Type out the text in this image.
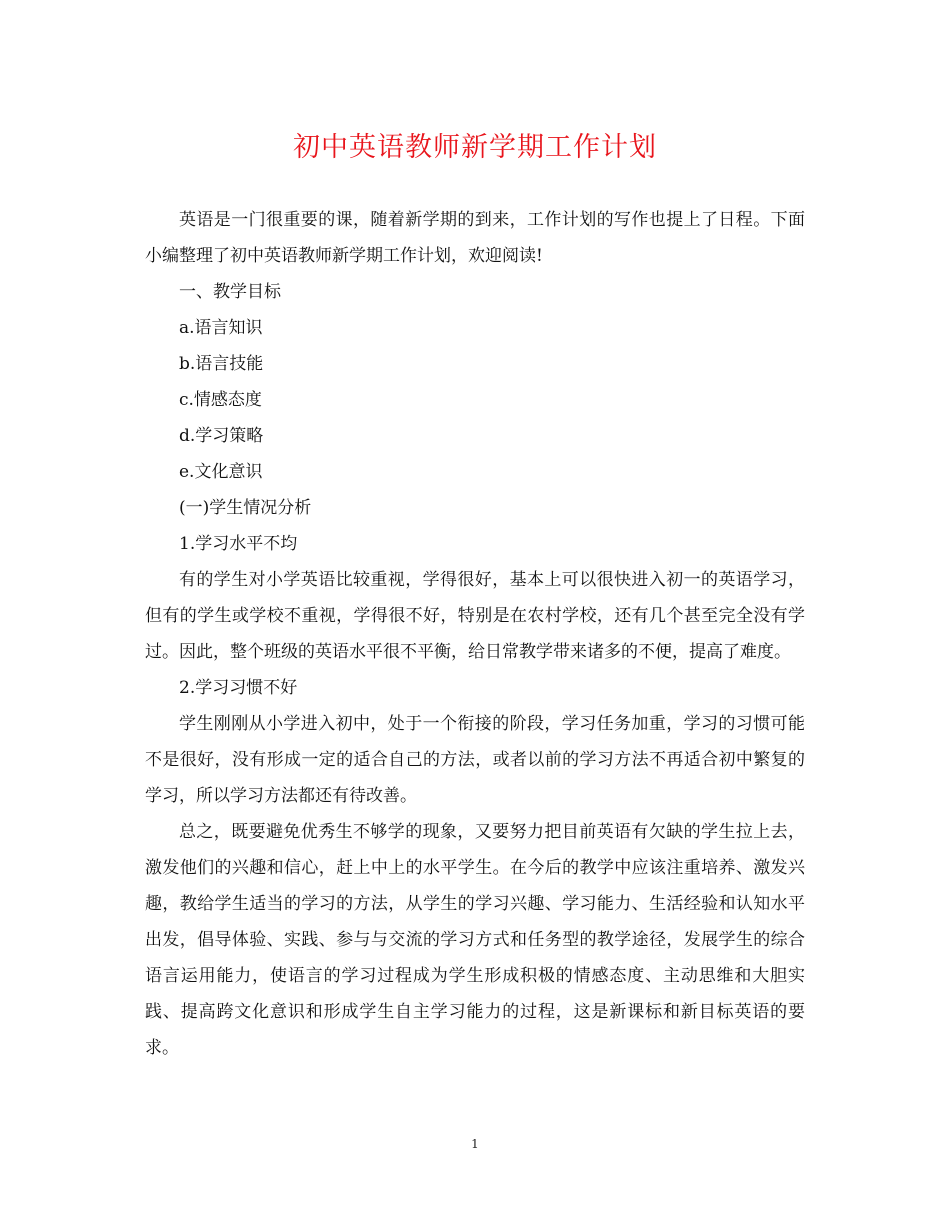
初中英语教师新学期工作计划

英语是一门很重要的课，随着新学期的到来，工作计划的写作也提上了日程。下面小编整理了初中英语教师新学期工作计划，欢迎阅读!

一、教学目标

a.语言知识

b.语言技能

c.情感态度

d.学习策略

e.文化意识

(一)学生情况分析

1.学习水平不均

有的学生对小学英语比较重视，学得很好，基本上可以很快进入初一的英语学习，但有的学生或学校不重视，学得很不好，特别是在农村学校，还有几个甚至完全没有学过。因此，整个班级的英语水平很不平衡，给日常教学带来诸多的不便，提高了难度。

2.学习习惯不好

学生刚刚从小学进入初中，处于一个衔接的阶段，学习任务加重，学习的习惯可能不是很好，没有形成一定的适合自己的方法，或者以前的学习方法不再适合初中繁复的学习，所以学习方法都还有待改善。

总之，既要避免优秀生不够学的现象，又要努力把目前英语有欠缺的学生拉上去，激发他们的兴趣和信心，赶上中上的水平学生。在今后的教学中应该注重培养、激发兴趣，教给学生适当的学习的方法，从学生的学习兴趣、学习能力、生活经验和认知水平出发，倡导体验、实践、参与与交流的学习方式和任务型的教学途径，发展学生的综合语言运用能力，使语言的学习过程成为学生形成积极的情感态度、主动思维和大胆实践、提高跨文化意识和形成学生自主学习能力的过程，这是新课标和新目标英语的要求。

1
